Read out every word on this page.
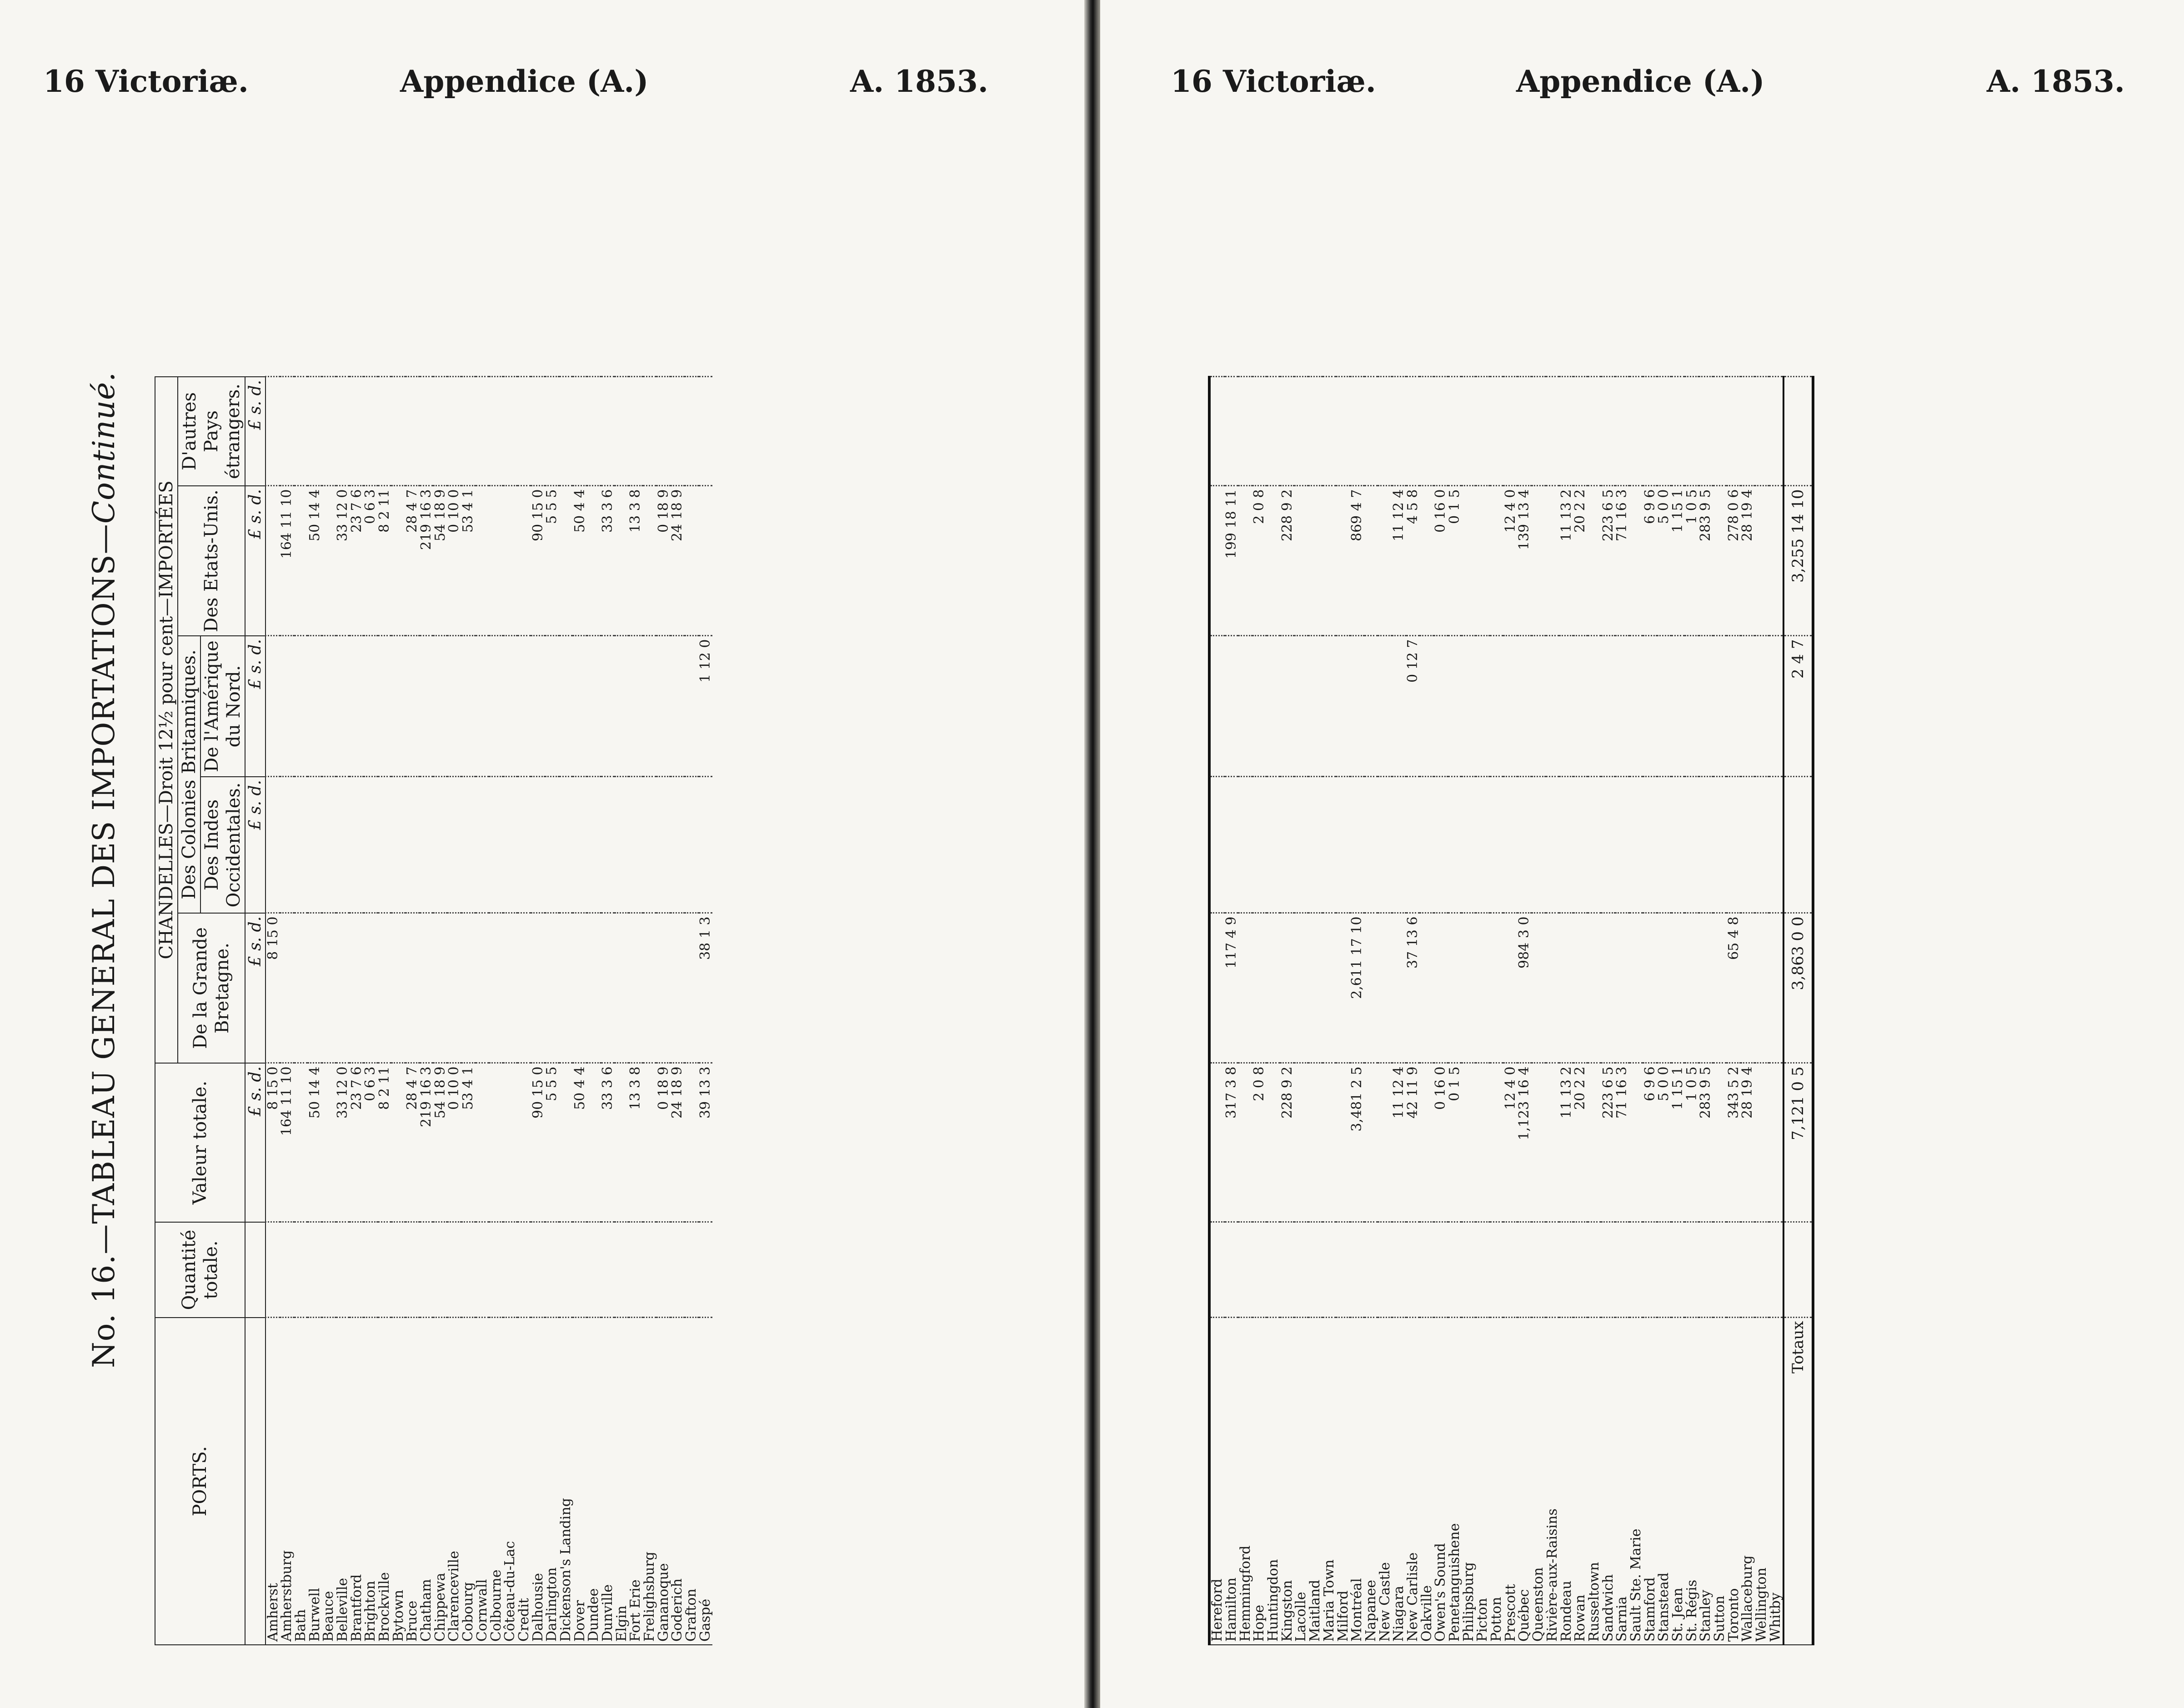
16 Victoriæ.	Appendice (A.)	A. 1853.
No. 16.—TABLEAU GENERAL DES IMPORTATIONS—Continué.
PORTS.	Quantité totale.	Valeur totale.	CHANDELLES—Droit 12½ pour cent—IMPORTÉES				
			De la Grande Bretagne.	Des Colonies Britanniques.		Des Etats-Unis.	D'autres Pays étrangers.
				Des Indes Occidentales.	De l'Amérique du Nord.		
		£ s. d.	£ s. d.	£ s. d.	£ s. d.	£ s. d.	£ s. d.
Amherst		8 15 0	8 15 0				
Amherstburg		164 11 10				164 11 10	
Bath							
Burwell		50 14 4				50 14 4	
Beauce							
Belleville		33 12 0				33 12 0	
Brantford		23 7 6				23 7 6	
Brighton		0 6 3				0 6 3	
Brockville		8 2 11				8 2 11	
Bytown							
Bruce		28 4 7				28 4 7	
Chatham		219 16 3				219 16 3	
Chippewa		54 18 9				54 18 9	
Clarenceville		0 10 0				0 10 0	
Cobourg		53 4 1				53 4 1	
Cornwall							
Colbourne							
Côteau-du-Lac							
Credit							
Dalhousie		90 15 0				90 15 0	
Darlington		5 5 5				5 5 5	
Dickenson's Landing							
Dover		50 4 4				50 4 4	
Dundee							
Dunville		33 3 6				33 3 6	
Elgin							
Fort Erie		13 3 8				13 3 8	
Frelighsburg							
Gananoque		0 18 9				0 18 9	
Goderich		24 18 9				24 18 9	
Grafton							
Gaspé		39 13 3	38 1 3		1 12 0		
16 Victoriæ.	Appendice (A.)	A. 1853.

Hereford							
Hamilton		317 3 8	117 4 9			199 18 11	
Hemmingford							
Hope		2 0 8				2 0 8	
Huntingdon							
Kingston		228 9 2				228 9 2	
Lacolle							
Maitland							
Maria Town							
Milford							
Montréal		3,481 2 5	2,611 17 10			869 4 7	
Napanee							
New Castle							
Niagara		11 12 4				11 12 4	
New Carlisle		42 11 9	37 13 6		0 12 7	4 5 8	
Oakville							
Owen's Sound		0 16 0				0 16 0	
Penetanguishene		0 1 5				0 1 5	
Philipsburg							
Picton							
Potton							
Prescott		12 4 0				12 4 0	
Québec		1,123 16 4	984 3 0			139 13 4	
Queenston							
Rivière-aux-Raisins							
Rondeau		11 13 2				11 13 2	
Rowan		20 2 2				20 2 2	
Russeltown							
Sandwich		223 6 5				223 6 5	
Sarnia		71 16 3				71 16 3	
Sault Ste. Marie							
Stamford		6 9 6				6 9 6	
Stanstead		5 0 0				5 0 0	
St. Jean		1 15 1				1 15 1	
St. Régis		1 0 5				1 0 5	
Stanley		283 9 5				283 9 5	
Sutton							
Toronto		343 5 2	65 4 8			278 0 6	
Wallaceburg		28 19 4				28 19 4	
Wellington							
Whitby							
Totaux		7,121 0 5	3,863 0 0		2 4 7	3,255 14 10	
